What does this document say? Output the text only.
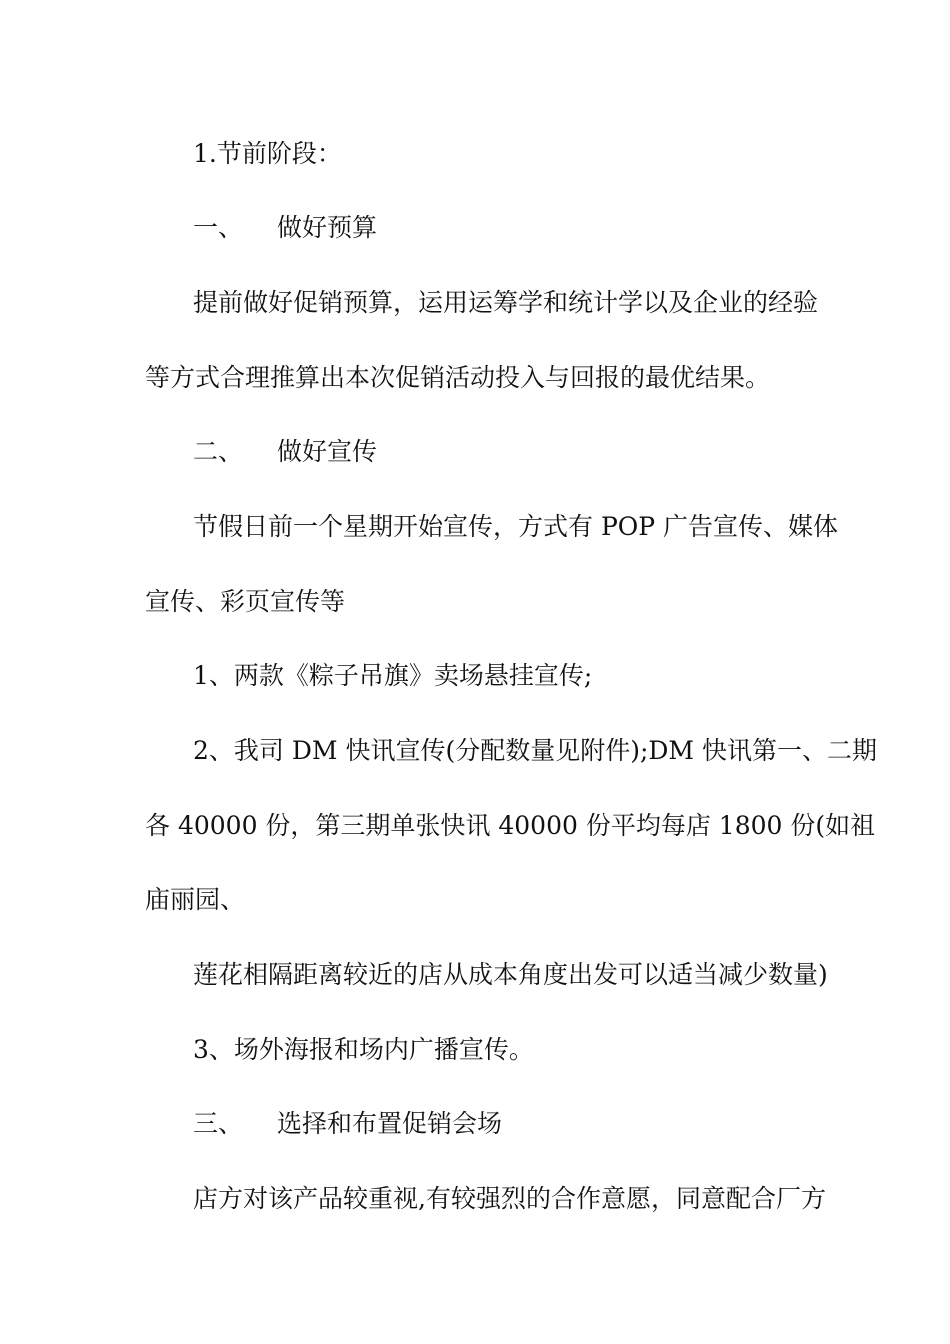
1.节前阶段：

一、 做好预算

提前做好促销预算，运用运筹学和统计学以及企业的经验

等方式合理推算出本次促销活动投入与回报的最优结果。

二、 做好宣传

节假日前一个星期开始宣传，方式有 POP 广告宣传、媒体

宣传、彩页宣传等

1、两款《粽子吊旗》卖场悬挂宣传;

2、我司 DM 快讯宣传(分配数量见附件);DM 快讯第一、二期

各 40000 份，第三期单张快讯 40000 份平均每店 1800 份(如祖

庙丽园、

莲花相隔距离较近的店从成本角度出发可以适当减少数量)

3、场外海报和场内广播宣传。

三、 选择和布置促销会场

店方对该产品较重视,有较强烈的合作意愿，同意配合厂方
